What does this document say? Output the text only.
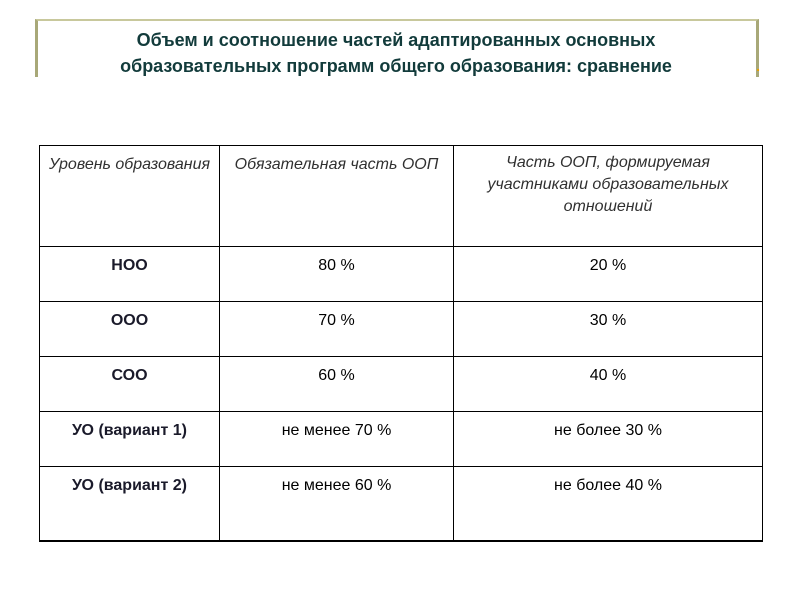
Объем и соотношение частей адаптированных основных
образовательных программ общего образования: сравнение	.
Уровень образования	Обязательная часть ООП	Часть ООП, формируемая участниками образовательных отношений
НОО	80 %	20 %
ООО	70 %	30 %
СОО	60 %	40 %
УО (вариант 1)	не менее 70 %	не более 30 %
УО (вариант 2)	не менее 60 %	не более 40 %
